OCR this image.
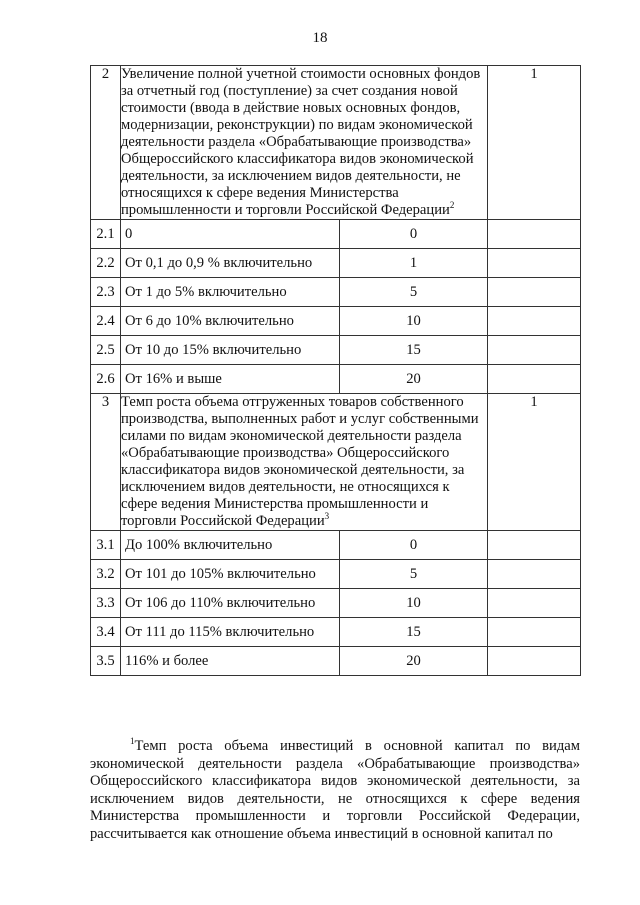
18
2	Увеличение полной учетной стоимости основных фондов за отчетный год (поступление) за счет создания новой стоимости (ввода в действие новых основных фондов, модернизации, реконструкции) по видам экономической деятельности раздела «Обрабатывающие производства» Общероссийского классификатора видов экономической деятельности, за исключением видов деятельности, не относящихся к сфере ведения Министерства промышленности и торговли Российской Федерации$^2$		1
2.1	0	0	
2.2	От 0,1 до 0,9 % включительно	1	
2.3	От 1 до 5% включительно	5	
2.4	От 6 до 10% включительно	10	
2.5	От 10 до 15% включительно	15	
2.6	От 16% и выше	20	
3	Темп роста объема отгруженных товаров собственного производства, выполненных работ и услуг собственными силами по видам экономической деятельности раздела «Обрабатывающие производства» Общероссийского классификатора видов экономической деятельности, за исключением видов деятельности, не относящихся к сфере ведения Министерства промышленности и торговли Российской Федерации$^3$		1
3.1	До 100% включительно	0	
3.2	От 101 до 105% включительно	5	
3.3	От 106 до 110% включительно	10	
3.4	От 111 до 115% включительно	15	
3.5	116% и более	20	

$^1$Темп роста объема инвестиций в основной капитал по видам экономической деятельности раздела «Обрабатывающие производства» Общероссийского классификатора видов экономической деятельности, за исключением видов деятельности, не относящихся к сфере ведения Министерства промышленности и торговли Российской Федерации, рассчитывается как отношение объема инвестиций в основной капитал по
